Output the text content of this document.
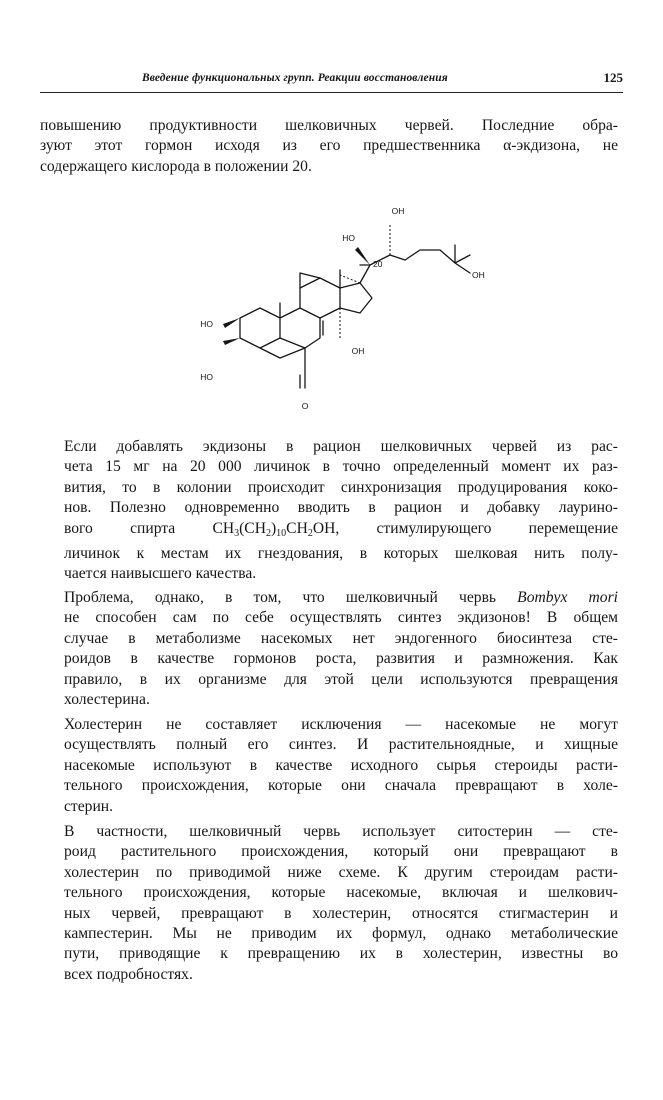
Введение функциональных групп. Реакции восстановления	125

повышению продуктивности шелковичных червей. Последние обра-
зуют этот гормон исходя из его предшественника α-экдизона, не
содержащего кислорода в положении 20.

OH
HO
20
OH
HO
HO
OH
O

Если добавлять экдизоны в рацион шелковичных червей из рас-
чета 15 мг на 20 000 личинок в точно определенный момент их раз-
вития, то в колонии происходит синхронизация продуцирования коко-
нов. Полезно одновременно вводить в рацион и добавку лаурино-
вого спирта $CH_3(CH_2)_{10}CH_2OH$, стимулирующего перемещение
личинок к местам их гнездования, в которых шелковая нить полу-
чается наивысшего качества.

Проблема, однако, в том, что шелковичный червь Bombyx mori
не способен сам по себе осуществлять синтез экдизонов! В общем
случае в метаболизме насекомых нет эндогенного биосинтеза сте-
роидов в качестве гормонов роста, развития и размножения. Как
правило, в их организме для этой цели используются превращения
холестерина.

Холестерин не составляет исключения — насекомые не могут
осуществлять полный его синтез. И растительноядные, и хищные
насекомые используют в качестве исходного сырья стероиды расти-
тельного происхождения, которые они сначала превращают в холе-
стерин.

В частности, шелковичный червь использует ситостерин — сте-
роид растительного происхождения, который они превращают в
холестерин по приводимой ниже схеме. К другим стероидам расти-
тельного происхождения, которые насекомые, включая и шелкович-
ных червей, превращают в холестерин, относятся стигмастерин и
кампестерин. Мы не приводим их формул, однако метаболические
пути, приводящие к превращению их в холестерин, известны во
всех подробностях.
